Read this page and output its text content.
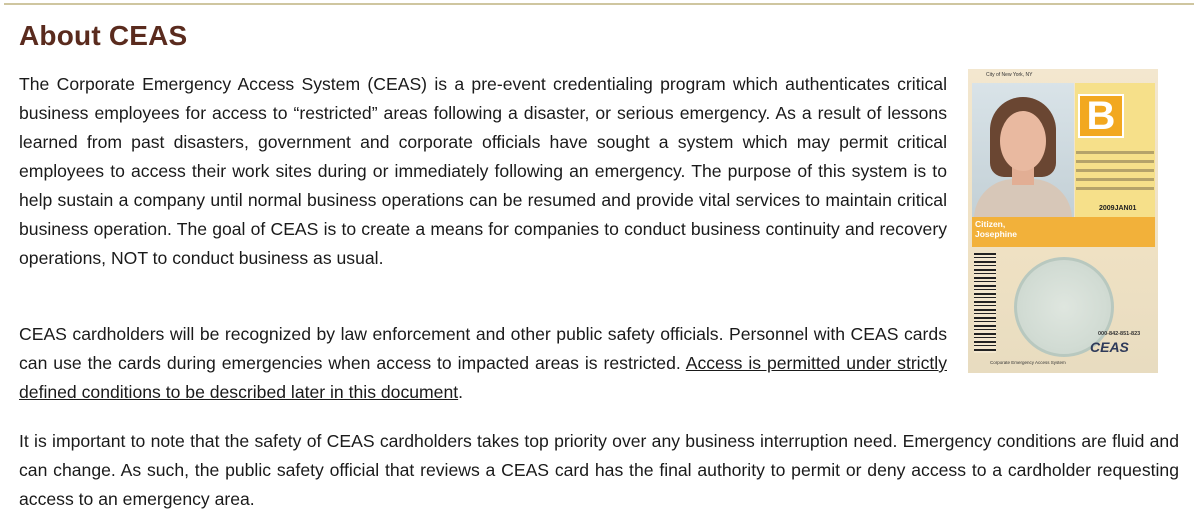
About CEAS

The Corporate Emergency Access System (CEAS) is a pre-event credentialing program which authenticates critical business employees for access to “restricted” areas following a disaster, or serious emergency. As a result of lessons learned from past disasters, government and corporate officials have sought a system which may permit critical employees to access their work sites during or immediately following an emergency. The purpose of this system is to help sustain a company until normal business operations can be resumed and provide vital services to maintain critical business operation. The goal of CEAS is to create a means for companies to conduct business continuity and recovery operations, NOT to conduct business as usual.

CEAS cardholders will be recognized by law enforcement and other public safety officials. Personnel with CEAS cards can use the cards during emergencies when access to impacted areas is restricted. Access is permitted under strictly defined conditions to be described later in this document.

It is important to note that the safety of CEAS cardholders takes top priority over any business interruption need. Emergency conditions are fluid and can change. As such, the public safety official that reviews a CEAS card has the final authority to permit or deny access to a cardholder requesting access to an emergency area.

City of New York, NY
B
2009JAN01
Citizen,
Josephine
000-842-851-823
CEAS
Corporate Emergency Access System
